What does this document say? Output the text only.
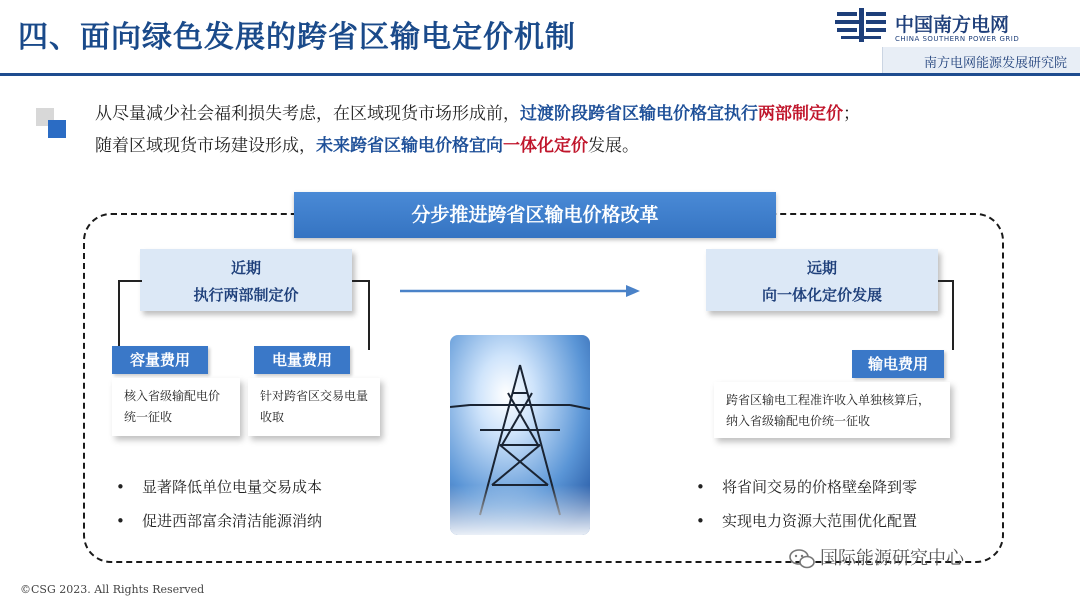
四、面向绿色发展的跨省区输电定价机制	中国南方电网
CHINA SOUTHERN POWER GRID
南方电网能源发展研究院
从尽量减少社会福利损失考虑，在区域现货市场形成前，过渡阶段跨省区输电价格宜执行两部制定价；
随着区域现货市场建设形成，未来跨省区输电价格宜向一体化定价发展。
分步推进跨省区输电价格改革
近期
执行两部制定价
容量费用
核入省级输配电价统一征收
电量费用
针对跨省区交易电量收取
• 显著降低单位电量交易成本
• 促进西部富余清洁能源消纳
远期
向一体化定价发展
输电费用
跨省区输电工程准许收入单独核算后，纳入省级输配电价统一征收
• 将省间交易的价格壁垒降到零
• 实现电力资源大范围优化配置
©CSG 2023. All Rights Reserved
国际能源研究中心
